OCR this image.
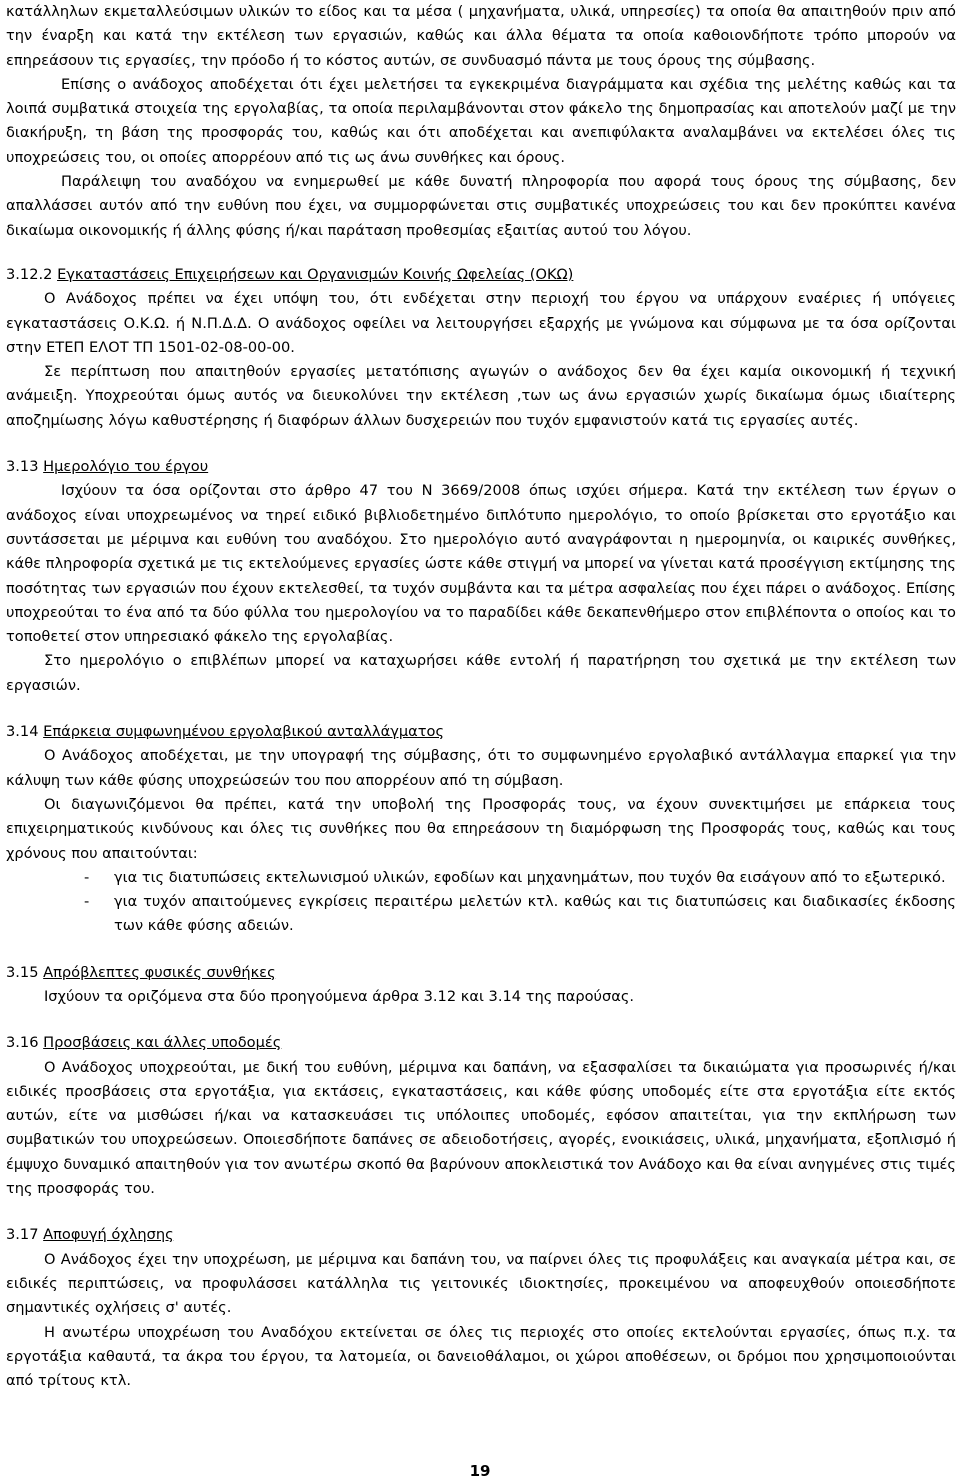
κατάλληλων εκμεταλλεύσιμων υλικών το είδος και τα μέσα ( μηχανήματα, υλικά, υπηρεσίες) τα οποία θα απαιτηθούν πριν από την έναρξη και κατά την εκτέλεση των εργασιών, καθώς και άλλα θέματα τα οποία καθοιονδήποτε τρόπο μπορούν να επηρεάσουν τις εργασίες, την πρόοδο ή το κόστος αυτών, σε συνδυασμό πάντα με τους όρους της σύμβασης.

Επίσης ο ανάδοχος αποδέχεται ότι έχει μελετήσει τα εγκεκριμένα διαγράμματα και σχέδια της μελέτης καθώς και τα λοιπά συμβατικά στοιχεία της εργολαβίας, τα οποία περιλαμβάνονται στον φάκελο της δημοπρασίας και αποτελούν μαζί με την διακήρυξη, τη βάση της προσφοράς του, καθώς και ότι αποδέχεται και ανεπιφύλακτα αναλαμβάνει να εκτελέσει όλες τις υποχρεώσεις του, οι οποίες απορρέουν από τις ως άνω συνθήκες και όρους.

Παράλειψη του αναδόχου να ενημερωθεί με κάθε δυνατή πληροφορία που αφορά τους όρους της σύμβασης, δεν απαλλάσσει αυτόν από την ευθύνη που έχει, να συμμορφώνεται στις συμβατικές υποχρεώσεις του και δεν προκύπτει κανένα δικαίωμα οικονομικής ή άλλης φύσης ή/και παράταση προθεσμίας εξαιτίας αυτού του λόγου.

3.12.2 Εγκαταστάσεις Επιχειρήσεων και Οργανισμών Κοινής Ωφελείας (ΟΚΩ)

Ο Ανάδοχος πρέπει να έχει υπόψη του, ότι ενδέχεται στην περιοχή του έργου να υπάρχουν εναέριες ή υπόγειες εγκαταστάσεις Ο.Κ.Ω. ή Ν.Π.Δ.Δ. Ο ανάδοχος οφείλει να λειτουργήσει εξαρχής με γνώμονα και σύμφωνα με τα όσα ορίζονται στην ΕΤΕΠ ΕΛΟΤ ΤΠ 1501-02-08-00-00.

Σε περίπτωση που απαιτηθούν εργασίες μετατόπισης αγωγών ο ανάδοχος δεν θα έχει καμία οικονομική ή τεχνική ανάμειξη. Υποχρεούται όμως αυτός να διευκολύνει την εκτέλεση ,των ως άνω εργασιών χωρίς δικαίωμα όμως ιδιαίτερης αποζημίωσης λόγω καθυστέρησης ή διαφόρων άλλων δυσχερειών που τυχόν εμφανιστούν κατά τις εργασίες αυτές.

3.13 Ημερολόγιο του έργου

Ισχύουν τα όσα ορίζονται στο άρθρο 47 του Ν 3669/2008 όπως ισχύει σήμερα. Κατά την εκτέλεση των έργων ο ανάδοχος είναι υποχρεωμένος να τηρεί ειδικό βιβλιοδετημένο διπλότυπο ημερολόγιο, το οποίο βρίσκεται στο εργοτάξιο και συντάσσεται με μέριμνα και ευθύνη του αναδόχου. Στο ημερολόγιο αυτό αναγράφονται η ημερομηνία, οι καιρικές συνθήκες, κάθε πληροφορία σχετικά με τις εκτελούμενες εργασίες ώστε κάθε στιγμή να μπορεί να γίνεται κατά προσέγγιση εκτίμησης της ποσότητας των εργασιών που έχουν εκτελεσθεί, τα τυχόν συμβάντα και τα μέτρα ασφαλείας που έχει πάρει ο ανάδοχος. Επίσης υποχρεούται το ένα από τα δύο φύλλα του ημερολογίου να το παραδίδει κάθε δεκαπενθήμερο στον επιβλέποντα ο οποίος και το τοποθετεί στον υπηρεσιακό φάκελο της εργολαβίας.

Στο ημερολόγιο ο επιβλέπων μπορεί να καταχωρήσει κάθε εντολή ή παρατήρηση του σχετικά με την εκτέλεση των εργασιών.

3.14 Επάρκεια συμφωνημένου εργολαβικού ανταλλάγματος

Ο Ανάδοχος αποδέχεται, με την υπογραφή της σύμβασης, ότι το συμφωνημένο εργολαβικό αντάλλαγμα επαρκεί για την κάλυψη των κάθε φύσης υποχρεώσεών του που απορρέουν από τη σύμβαση.

Οι διαγωνιζόμενοι θα πρέπει, κατά την υποβολή της Προσφοράς τους, να έχουν συνεκτιμήσει με επάρκεια τους επιχειρηματικούς κινδύνους και όλες τις συνθήκες που θα επηρεάσουν τη διαμόρφωση της Προσφοράς τους, καθώς και τους χρόνους που απαιτούνται:

-	για τις διατυπώσεις εκτελωνισμού υλικών, εφοδίων και μηχανημάτων, που τυχόν θα εισάγουν από το εξωτερικό.
-	για τυχόν απαιτούμενες εγκρίσεις περαιτέρω μελετών κτλ. καθώς και τις διατυπώσεις και διαδικασίες έκδοσης των κάθε φύσης αδειών.

3.15 Απρόβλεπτες φυσικές συνθήκες

Ισχύουν τα οριζόμενα στα δύο προηγούμενα άρθρα 3.12 και 3.14 της παρούσας.

3.16 Προσβάσεις και άλλες υποδομές

Ο Ανάδοχος υποχρεούται, με δική του ευθύνη, μέριμνα και δαπάνη, να εξασφαλίσει τα δικαιώματα για προσωρινές ή/και ειδικές προσβάσεις στα εργοτάξια, για εκτάσεις, εγκαταστάσεις, και κάθε φύσης υποδομές είτε στα εργοτάξια είτε εκτός αυτών, είτε να μισθώσει ή/και να κατασκευάσει τις υπόλοιπες υποδομές, εφόσον απαιτείται, για την εκπλήρωση των συμβατικών του υποχρεώσεων. Οποιεσδήποτε δαπάνες σε αδειοδοτήσεις, αγορές, ενοικιάσεις, υλικά, μηχανήματα, εξοπλισμό ή έμψυχο δυναμικό απαιτηθούν για τον ανωτέρω σκοπό θα βαρύνουν αποκλειστικά τον Ανάδοχο και θα είναι ανηγμένες στις τιμές της προσφοράς του.

3.17 Αποφυγή όχλησης

Ο Ανάδοχος έχει την υποχρέωση, με μέριμνα και δαπάνη του, να παίρνει όλες τις προφυλάξεις και αναγκαία μέτρα και, σε ειδικές περιπτώσεις, να προφυλάσσει κατάλληλα τις γειτονικές ιδιοκτησίες, προκειμένου να αποφευχθούν οποιεσδήποτε σημαντικές οχλήσεις σ' αυτές.

Η ανωτέρω υποχρέωση του Αναδόχου εκτείνεται σε όλες τις περιοχές στο οποίες εκτελούνται εργασίες, όπως π.χ. τα εργοτάξια καθαυτά, τα άκρα του έργου, τα λατομεία, οι δανειοθάλαμοι, οι χώροι αποθέσεων, οι δρόμοι που χρησιμοποιούνται από τρίτους κτλ.

19
